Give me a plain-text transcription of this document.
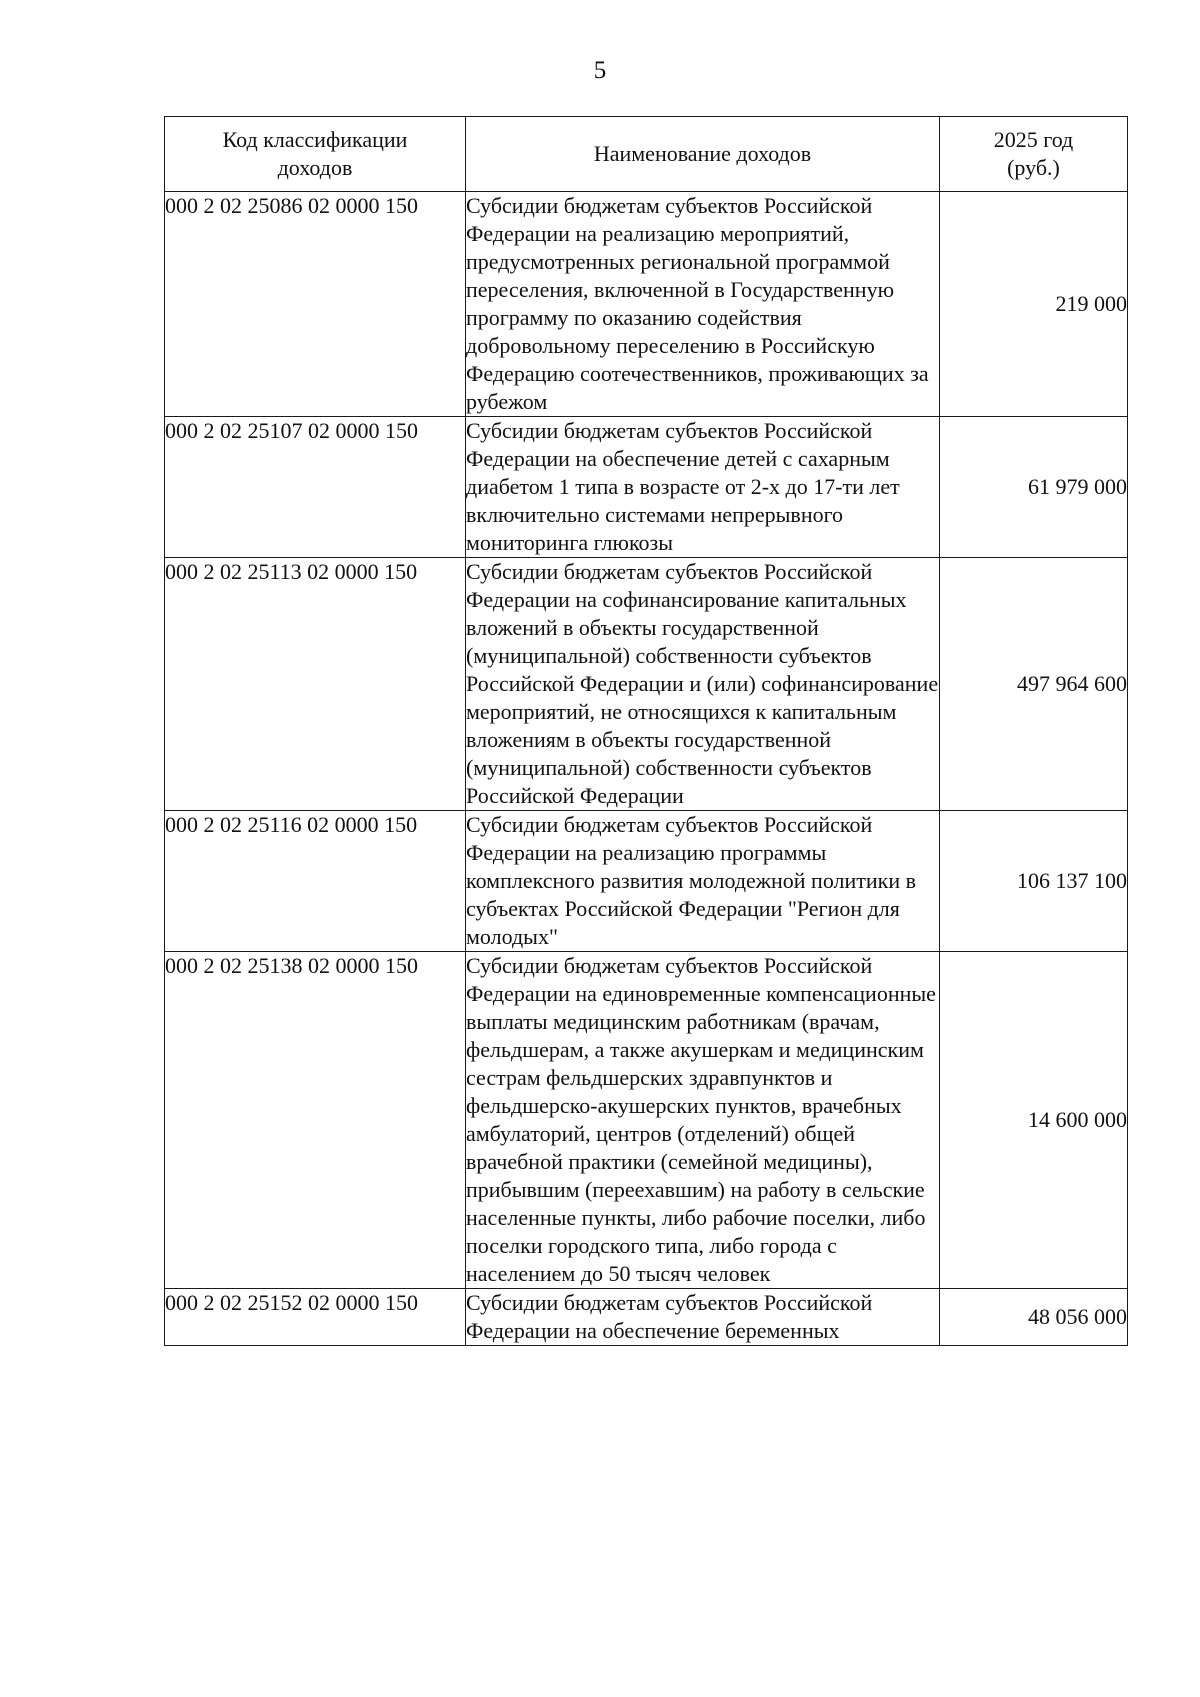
5
Код классификации доходов	Наименование доходов	2025 год (руб.)

000 2 02 25086 02 0000 150	Субсидии бюджетам субъектов Российской Федерации на реализацию мероприятий, предусмотренных региональной программой переселения, включенной в Государственную программу по оказанию содействия добровольному переселению в Российскую Федерацию соотечественников, проживающих за рубежом	219 000
000 2 02 25107 02 0000 150	Субсидии бюджетам субъектов Российской Федерации на обеспечение детей с сахарным диабетом 1 типа в возрасте от 2-х до 17-ти лет включительно системами непрерывного мониторинга глюкозы	61 979 000
000 2 02 25113 02 0000 150	Субсидии бюджетам субъектов Российской Федерации на софинансирование капитальных вложений в объекты государственной (муниципальной) собственности субъектов Российской Федерации и (или) софинансирование мероприятий, не относящихся к капитальным вложениям в объекты государственной (муниципальной) собственности субъектов Российской Федерации	497 964 600
000 2 02 25116 02 0000 150	Субсидии бюджетам субъектов Российской Федерации на реализацию программы комплексного развития молодежной политики в субъектах Российской Федерации "Регион для молодых"	106 137 100
000 2 02 25138 02 0000 150	Субсидии бюджетам субъектов Российской Федерации на единовременные компенсационные выплаты медицинским работникам (врачам, фельдшерам, а также акушеркам и медицинским сестрам фельдшерских здравпунктов и фельдшерско-акушерских пунктов, врачебных амбулаторий, центров (отделений) общей врачебной практики (семейной медицины), прибывшим (переехавшим) на работу в сельские населенные пункты, либо рабочие поселки, либо поселки городского типа, либо города с населением до 50 тысяч человек	14 600 000
000 2 02 25152 02 0000 150	Субсидии бюджетам субъектов Российской Федерации на обеспечение беременных	48 056 000
